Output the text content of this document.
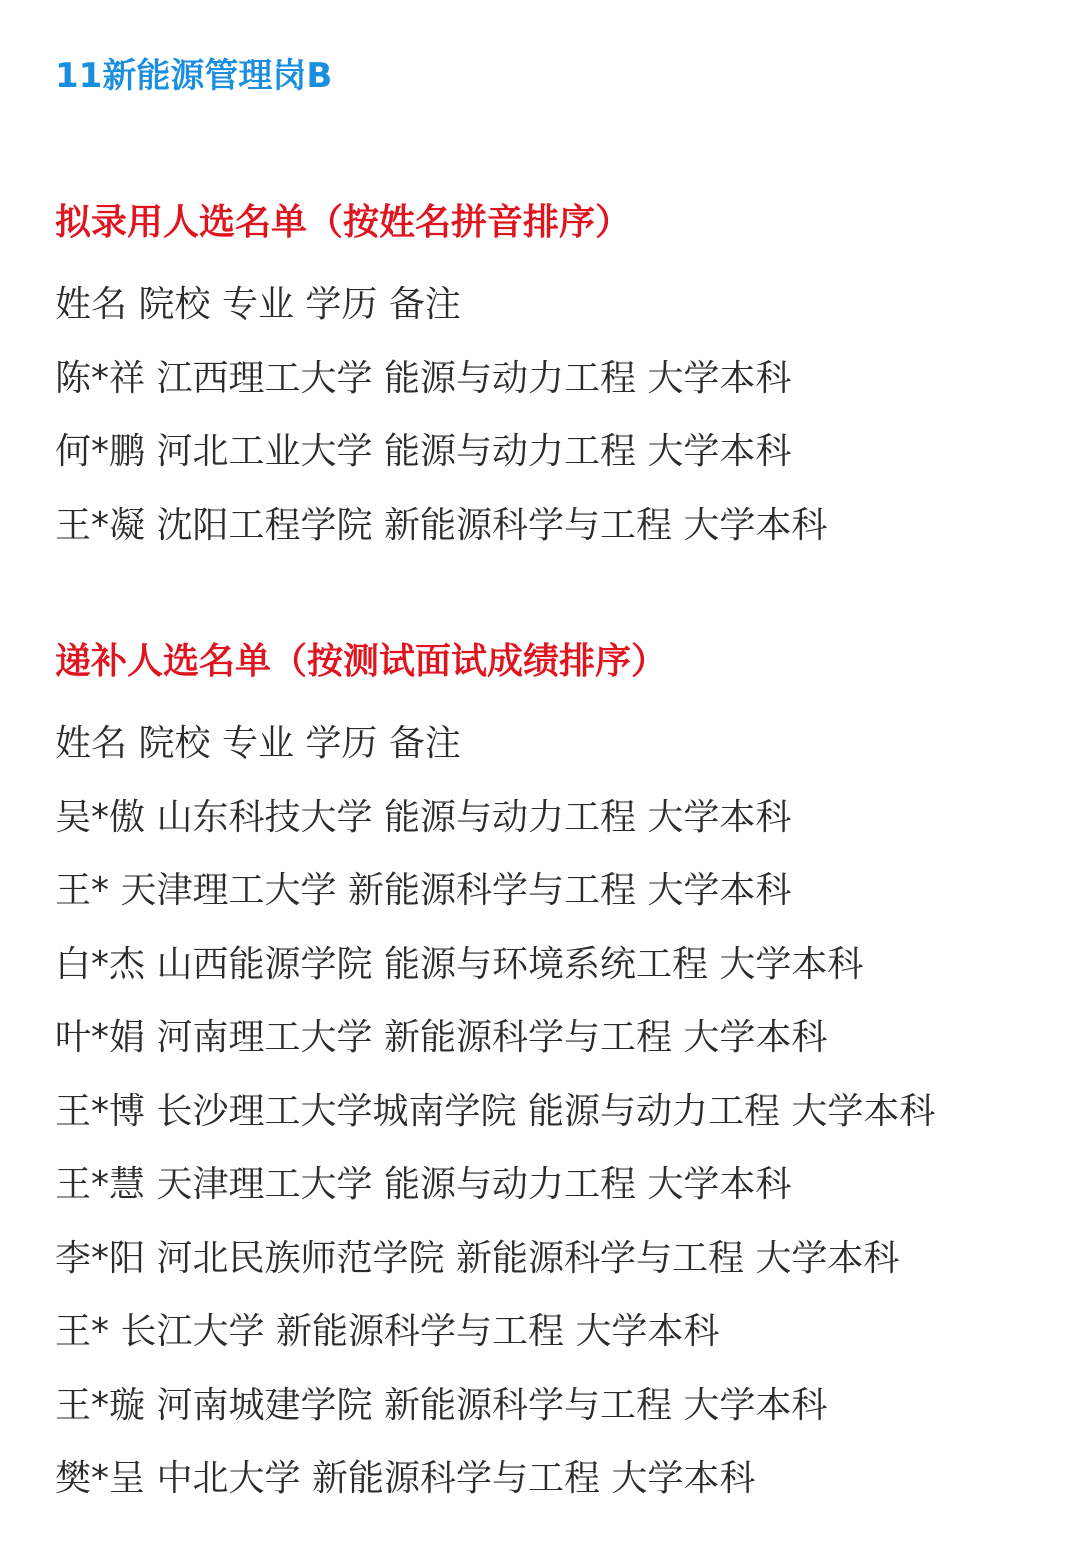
11新能源管理岗B
拟录用人选名单（按姓名拼音排序）
姓名 院校 专业 学历 备注
陈*祥 江西理工大学 能源与动力工程 大学本科
何*鹏 河北工业大学 能源与动力工程 大学本科
王*凝 沈阳工程学院 新能源科学与工程 大学本科
递补人选名单（按测试面试成绩排序）
姓名 院校 专业 学历 备注
吴*傲 山东科技大学 能源与动力工程 大学本科
王* 天津理工大学 新能源科学与工程 大学本科
白*杰 山西能源学院 能源与环境系统工程 大学本科
叶*娟 河南理工大学 新能源科学与工程 大学本科
王*博 长沙理工大学城南学院 能源与动力工程 大学本科
王*慧 天津理工大学 能源与动力工程 大学本科
李*阳 河北民族师范学院 新能源科学与工程 大学本科
王* 长江大学 新能源科学与工程 大学本科
王*璇 河南城建学院 新能源科学与工程 大学本科
樊*呈 中北大学 新能源科学与工程 大学本科
